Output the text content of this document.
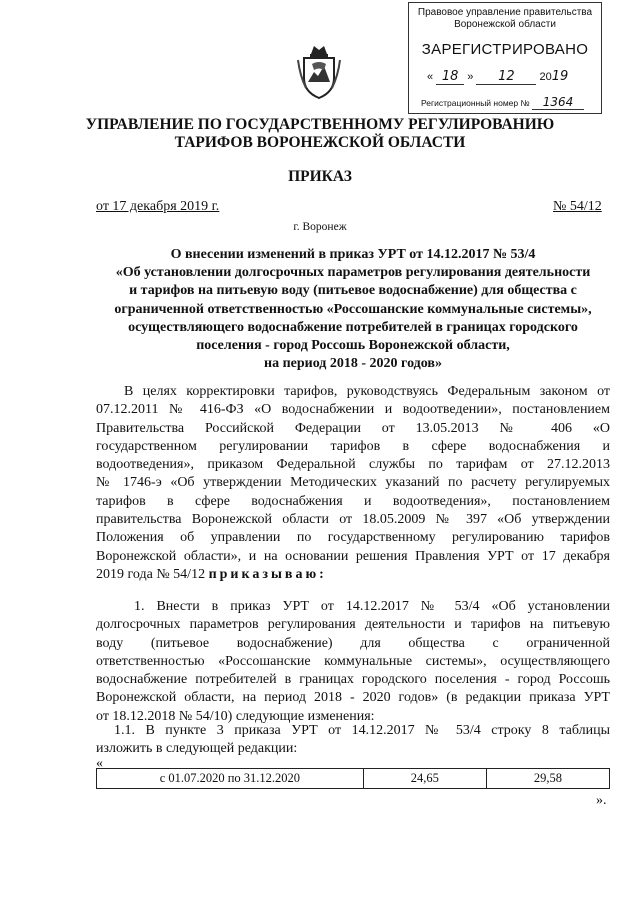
Правовое управление правительства
Воронежской области
ЗАРЕГИСТРИРОВАНО
« 18 » 12 2019
Регистрационный номер № 1364
УПРАВЛЕНИЕ ПО ГОСУДАРСТВЕННОМУ РЕГУЛИРОВАНИЮ
ТАРИФОВ ВОРОНЕЖСКОЙ ОБЛАСТИ
ПРИКАЗ
от 17 декабря 2019 г.	№ 54/12
г. Воронеж
О внесении изменений в приказ УРТ от 14.12.2017 № 53/4
«Об установлении долгосрочных параметров регулирования деятельности
и тарифов на питьевую воду (питьевое водоснабжение) для общества с
ограниченной ответственностью «Россошанские коммунальные системы»,
осуществляющего водоснабжение потребителей в границах городского
поселения - город Россошь Воронежской области,
на период 2018 - 2020 годов»
В целях корректировки тарифов, руководствуясь Федеральным законом от
07.12.2011 № 416-ФЗ «О водоснабжении и водоотведении», постановлением
Правительства Российской Федерации от 13.05.2013 № 406 «О
государственном регулировании тарифов в сфере водоснабжения и
водоотведения», приказом Федеральной службы по тарифам от 27.12.2013
№ 1746-э «Об утверждении Методических указаний по расчету регулируемых
тарифов в сфере водоснабжения и водоотведения», постановлением
правительства Воронежской области от 18.05.2009 № 397 «Об утверждении
Положения об управлении по государственному регулированию тарифов
Воронежской области», и на основании решения Правления УРТ от 17 декабря
2019 года № 54/12 приказываю:
1. Внести в приказ УРТ от 14.12.2017 № 53/4 «Об установлении
долгосрочных параметров регулирования деятельности и тарифов на питьевую
воду (питьевое водоснабжение) для общества с ограниченной
ответственностью «Россошанские коммунальные системы», осуществляющего
водоснабжение потребителей в границах городского поселения - город Россошь
Воронежской области, на период 2018 - 2020 годов» (в редакции приказа УРТ
от 18.12.2018 № 54/10) следующие изменения:
1.1. В пункте 3 приказа УРТ от 14.12.2017 № 53/4 строку 8 таблицы
изложить в следующей редакции:
«
с 01.07.2020 по 31.12.2020	24,65	29,58
».
